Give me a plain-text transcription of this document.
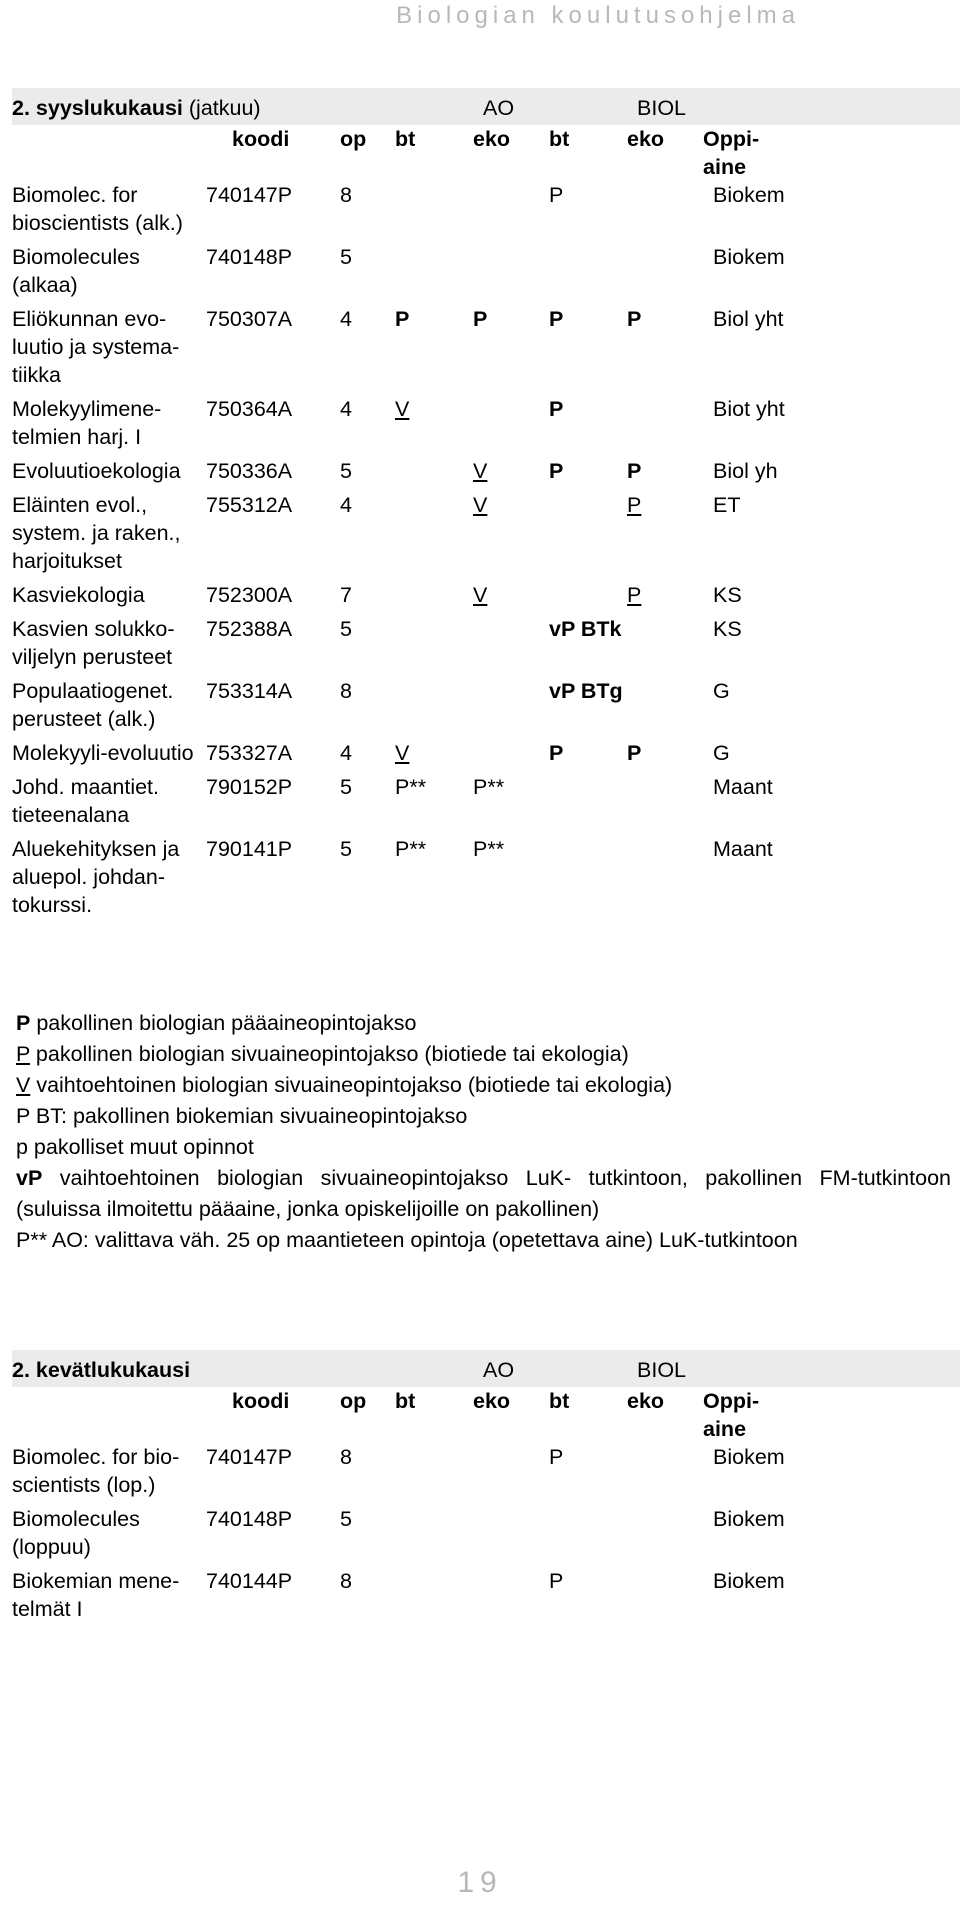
Biologian koulutusohjelma
2. syyslukukausi (jatkuu)				AO		BIOL	
	koodi	op	bt	eko	bt	eko	Oppi-aine
Biomolec. for bioscientists (alk.)	740147P	8			P		Biokem
Biomolecules (alkaa)	740148P	5					Biokem
Eliökunnan evo-luutio ja systema-tiikka	750307A	4	P	P	P	P	Biol yht
Molekyylimene-telmien harj. I	750364A	4	V		P		Biot yht
Evoluutioekologia	750336A	5		V	P	P	Biol yh
Eläinten evol., system. ja raken., harjoitukset	755312A	4		V		P	ET
Kasviekologia	752300A	7		V		P	KS
Kasvien solukko-viljelyn perusteet	752388A	5			vP BTk		KS
Populaatiogenet. perusteet (alk.)	753314A	8			vP BTg		G
Molekyyli-evoluutio	753327A	4	V		P	P	G
Johd. maantiet. tieteenalana	790152P	5	P**	P**			Maant
Aluekehityksen ja aluepol. johdan-tokurssi.	790141P	5	P**	P**			Maant

P pakollinen biologian pääaineopintojakso

P pakollinen biologian sivuaineopintojakso (biotiede tai ekologia)

V vaihtoehtoinen biologian sivuaineopintojakso (biotiede tai ekologia)

P BT: pakollinen biokemian sivuaineopintojakso

p pakolliset muut opinnot

vP vaihtoehtoinen biologian sivuaineopintojakso LuK- tutkintoon, pakollinen FM-tutkintoon (suluissa ilmoitettu pääaine, jonka opiskelijoille on pakollinen)

P** AO: valittava väh. 25 op maantieteen opintoja (opetettava aine) LuK-tutkintoon

2. kevätlukukausi				AO		BIOL	
	koodi	op	bt	eko	bt	eko	Oppi-aine
Biomolec. for bio-scientists (lop.)	740147P	8			P		Biokem
Biomolecules (loppuu)	740148P	5					Biokem
Biokemian mene-telmät I	740144P	8			P		Biokem
19
